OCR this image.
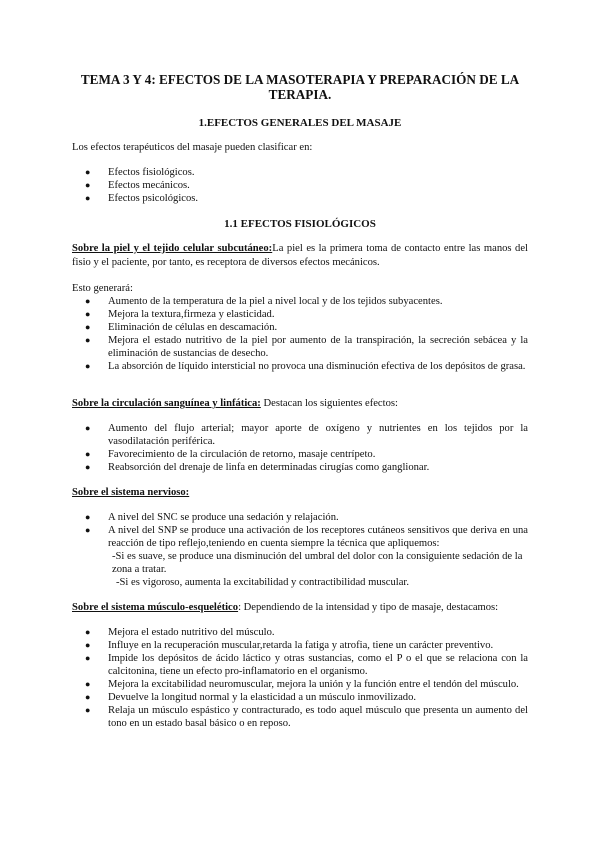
TEMA 3 Y 4: EFECTOS DE LA MASOTERAPIA Y PREPARACIÓN DE LA TERAPIA.
1.EFECTOS GENERALES DEL MASAJE
Los efectos terapéuticos del masaje pueden clasificar en:
● Efectos fisiológicos.
● Efectos mecánicos.
● Efectos psicológicos.
1.1 EFECTOS FISIOLÓGICOS
Sobre la piel y el tejido celular subcutáneo:La piel es la primera toma de contacto entre las manos del fisio y el paciente, por tanto, es receptora de diversos efectos mecánicos.
Esto generará:
● Aumento de la temperatura de la piel a nivel local y de los tejidos subyacentes.
● Mejora la textura,firmeza y elasticidad.
● Eliminación de células en descamación.
● Mejora el estado nutritivo de la piel por aumento de la transpiración, la secreción sebácea y la eliminación de sustancias de desecho.
● La absorción de líquido intersticial no provoca una disminución efectiva de los depósitos de grasa.
Sobre la circulación sanguínea y linfática: Destacan los siguientes efectos:
● Aumento del flujo arterial; mayor aporte de oxígeno y nutrientes en los tejidos por la vasodilatación periférica.
● Favorecimiento de la circulación de retorno, masaje centrípeto.
● Reabsorción del drenaje de linfa en determinadas cirugías como ganglionar.
Sobre el sistema nervioso:
● A nivel del SNC se produce una sedación y relajación.
● A nivel del SNP se produce una activación de los receptores cutáneos sensitivos que deriva en una reacción de tipo reflejo,teniendo en cuenta siempre la técnica que apliquemos:
-Si es suave, se produce una disminución del umbral del dolor con la consiguiente sedación de la zona a tratar.
-Si es vigoroso, aumenta la excitabilidad y contractibilidad muscular.
Sobre el sistema músculo-esquelético: Dependiendo de la intensidad y tipo de masaje, destacamos:
● Mejora el estado nutritivo del músculo.
● Influye en la recuperación muscular,retarda la fatiga y atrofia, tiene un carácter preventivo.
● Impide los depósitos de ácido láctico y otras sustancias, como el P o el que se relaciona con la calcitonina, tiene un efecto pro-inflamatorio en el organismo.
● Mejora la excitabilidad neuromuscular, mejora la unión y la función entre el tendón del músculo.
● Devuelve la longitud normal y la elasticidad a un músculo inmovilizado.
● Relaja un músculo espástico y contracturado, es todo aquel músculo que presenta un aumento del tono en un estado basal básico o en reposo.
